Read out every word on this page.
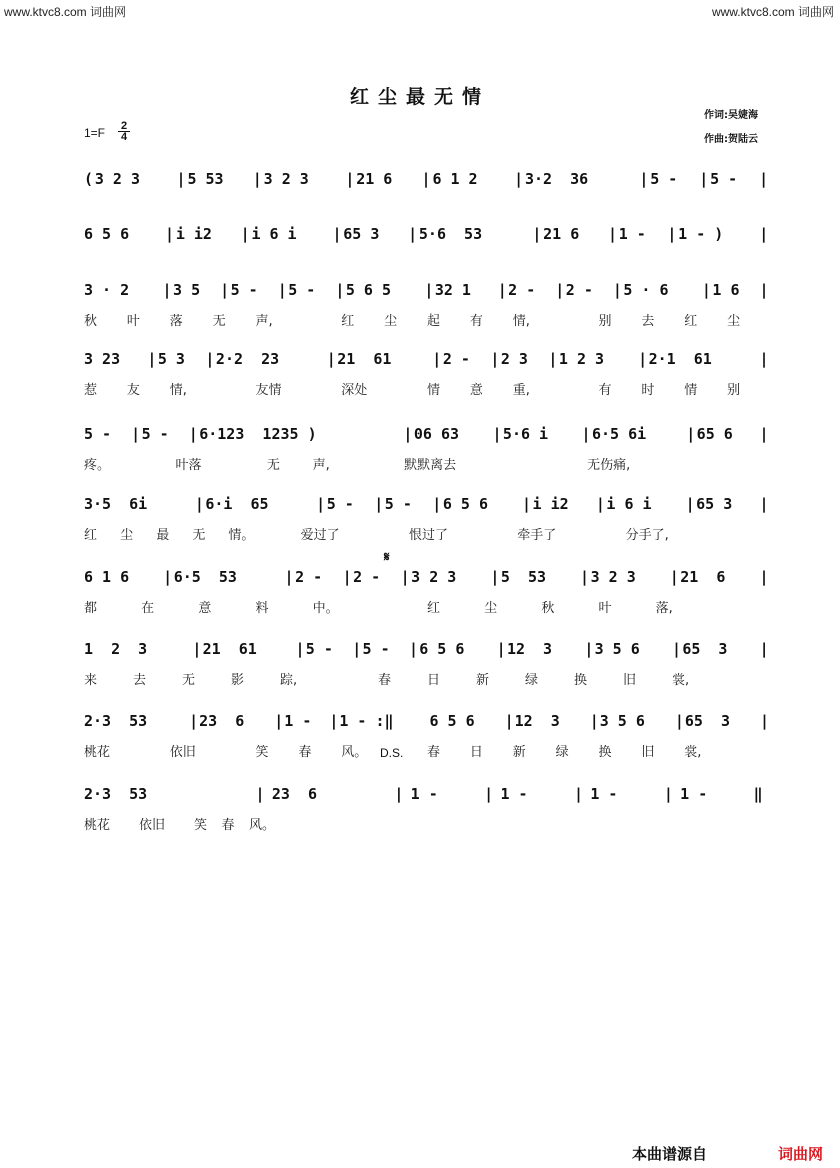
www.ktvc8.com 词曲网	www.ktvc8.com 词曲网
红尘最无情
作词:吴婕海
作曲:贺陆云
1=F 2
4
( 3 2 3 | 5 53 | 3 2 3 | 21 6 | 6 1 2 | 3·2  36	| 5 - | 5 - |
6 5 6 | i i2 | i 6 i | 65 3 | 5·6  53	| 21 6 | 1 - | 1 - ) |
3 · 2 | 3 5 | 5 - | 5 - | 5 6 5 | 32 1 | 2 - | 2 - | 5 · 6 | 1 6 |
秋 叶 落 无 声,	红 尘 起 有 情,	别 去 红 尘
3 23 | 5 3 | 2·2  23	| 21  61	| 2 - | 2 3 | 1 2 3 | 2·1  61	|
惹 友 情,	友情	深处	情 意 重,	有 时 情 别
5 - | 5 - | 6·123  1235 )	| 06 63 | 5·6 i | 6·5 6i	| 65 6 |
疼。	叶落	无	声,	默默离去	无伤痛,
3·5  6i	| 6·i  65	| 5 - | 5 - | 6 5 6 | i i2 | i 6 i | 65 3 |
红 尘 最 无 情。	爱过了	恨过了	牵手了	分手了,
6 1 6 | 6·5  53	| 2 - | 2 - | 3 2 3 | 5  53 | 3 2 3 | 21  6 |
都	在	意	料	中。	红	尘	秋	叶	落,
1  2  3	| 21  61	| 5 - | 5 - | 6 5 6 | 12  3 | 3 5 6 | 65  3 |
来	去	无	影	踪,	春	日	新	绿	换	旧	裳,
2·3  53	| 23  6 | 1 - | 1 - :‖ 6 5 6 | 12  3 | 3 5 6 | 65  3 |
桃花	依旧	笑 春 风。	春 日 新 绿 换 旧 裳,
2·3  53	| 23  6	| 1 -	| 1 -	| 1 -	| 1 -	‖
桃花 依旧 笑 春 风。
𝄋
D.S.
本曲谱源自	词曲网
